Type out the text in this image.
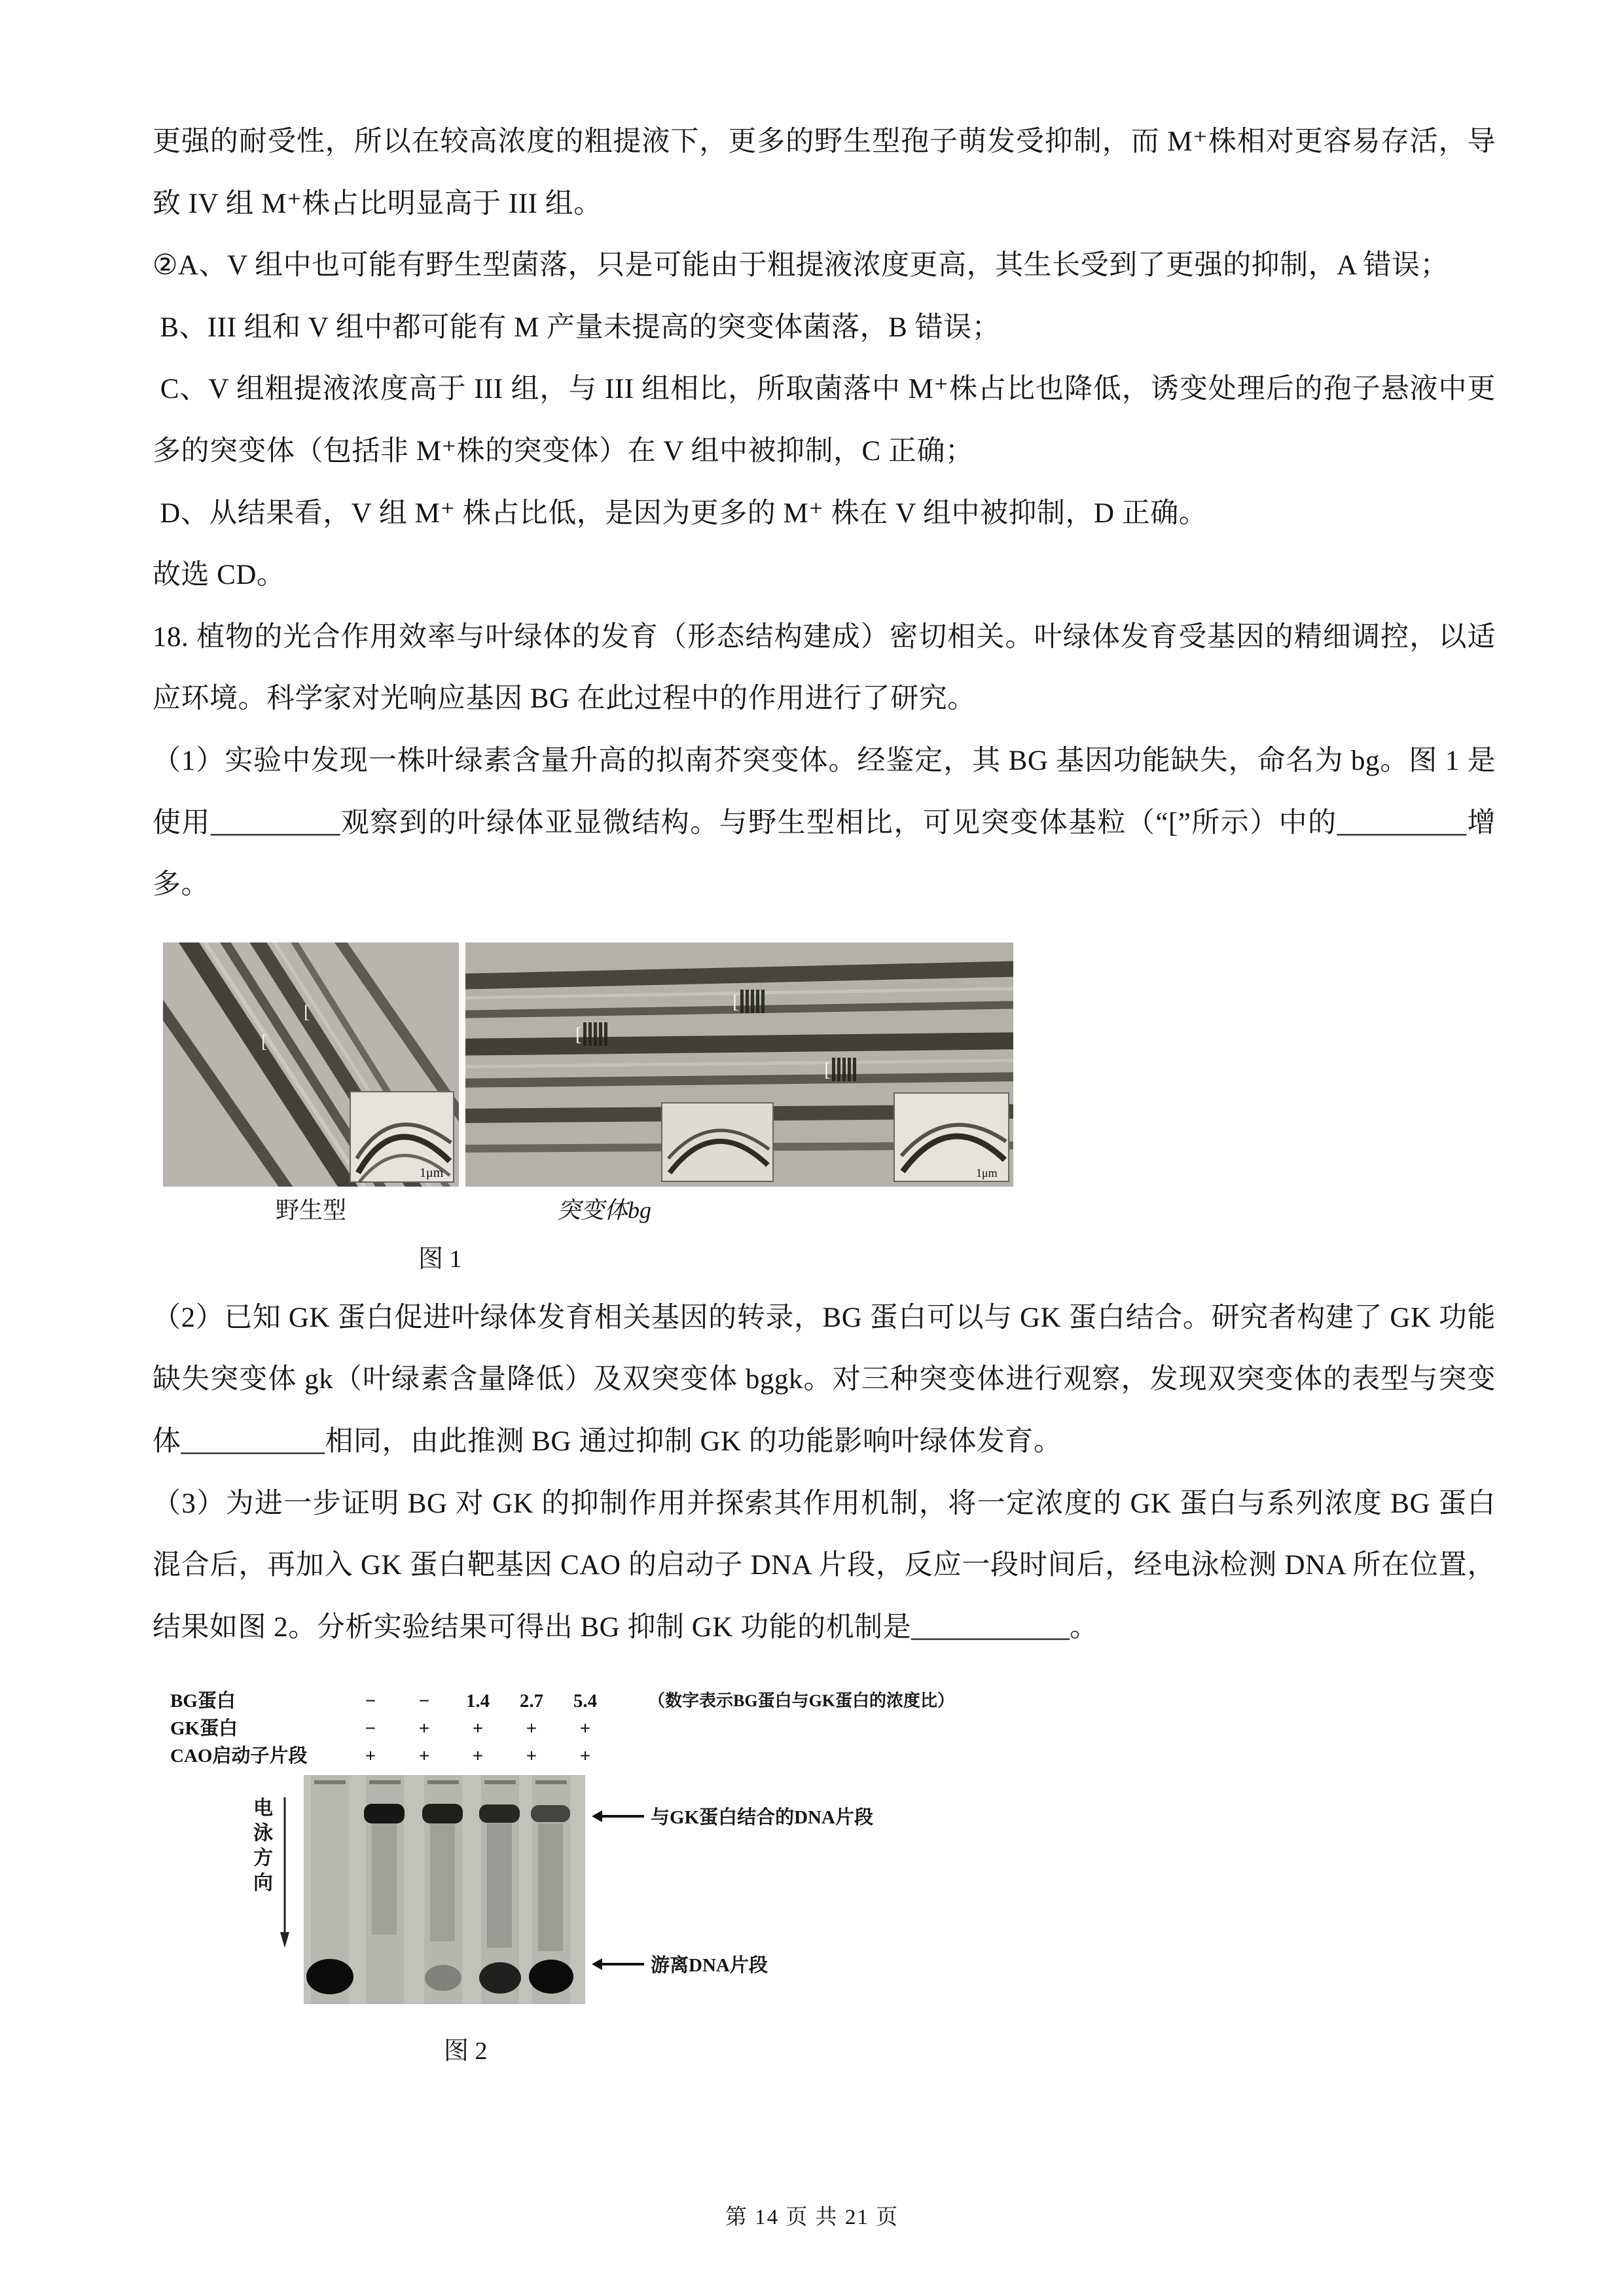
更强的耐受性，所以在较高浓度的粗提液下，更多的野生型孢子萌发受抑制，而 M⁺株相对更容易存活，导致 IV 组 M⁺株占比明显高于 III 组。

②A、V 组中也可能有野生型菌落，只是可能由于粗提液浓度更高，其生长受到了更强的抑制，A 错误；

B、III 组和 V 组中都可能有 M 产量未提高的突变体菌落，B 错误；

C、V 组粗提液浓度高于 III 组，与 III 组相比，所取菌落中 M⁺株占比也降低，诱变处理后的孢子悬液中更多的突变体（包括非 M⁺株的突变体）在 V 组中被抑制，C 正确；

D、从结果看，V 组 M⁺ 株占比低，是因为更多的 M⁺ 株在 V 组中被抑制，D 正确。

故选 CD。

18. 植物的光合作用效率与叶绿体的发育（形态结构建成）密切相关。叶绿体发育受基因的精细调控，以适应环境。科学家对光响应基因 BG 在此过程中的作用进行了研究。

（1）实验中发现一株叶绿素含量升高的拟南芥突变体。经鉴定，其 BG 基因功能缺失，命名为 bg。图 1 是使用_________观察到的叶绿体亚显微结构。与野生型相比，可见突变体基粒（“[”所示）中的_________增多。

[
[
1μm
[
[
[
1μm
野生型	突变体bg
图 1

（2）已知 GK 蛋白促进叶绿体发育相关基因的转录，BG 蛋白可以与 GK 蛋白结合。研究者构建了 GK 功能缺失突变体 gk（叶绿素含量降低）及双突变体 bggk。对三种突变体进行观察，发现双突变体的表型与突变体__________相同，由此推测 BG 通过抑制 GK 的功能影响叶绿体发育。

（3）为进一步证明 BG 对 GK 的抑制作用并探索其作用机制，将一定浓度的 GK 蛋白与系列浓度 BG 蛋白混合后，再加入 GK 蛋白靶基因 CAO 的启动子 DNA 片段，反应一段时间后，经电泳检测 DNA 所在位置，结果如图 2。分析实验结果可得出 BG 抑制 GK 功能的机制是___________。

BG蛋白	−	−	1.4	2.7	5.4	（数字表示BG蛋白与GK蛋白的浓度比）
GK蛋白	−	+	+	+	+
CAO启动子片段	+	+	+	+	+
电泳方向	与GK蛋白结合的DNA片段
游离DNA片段
图 2
第 14 页 共 21 页
